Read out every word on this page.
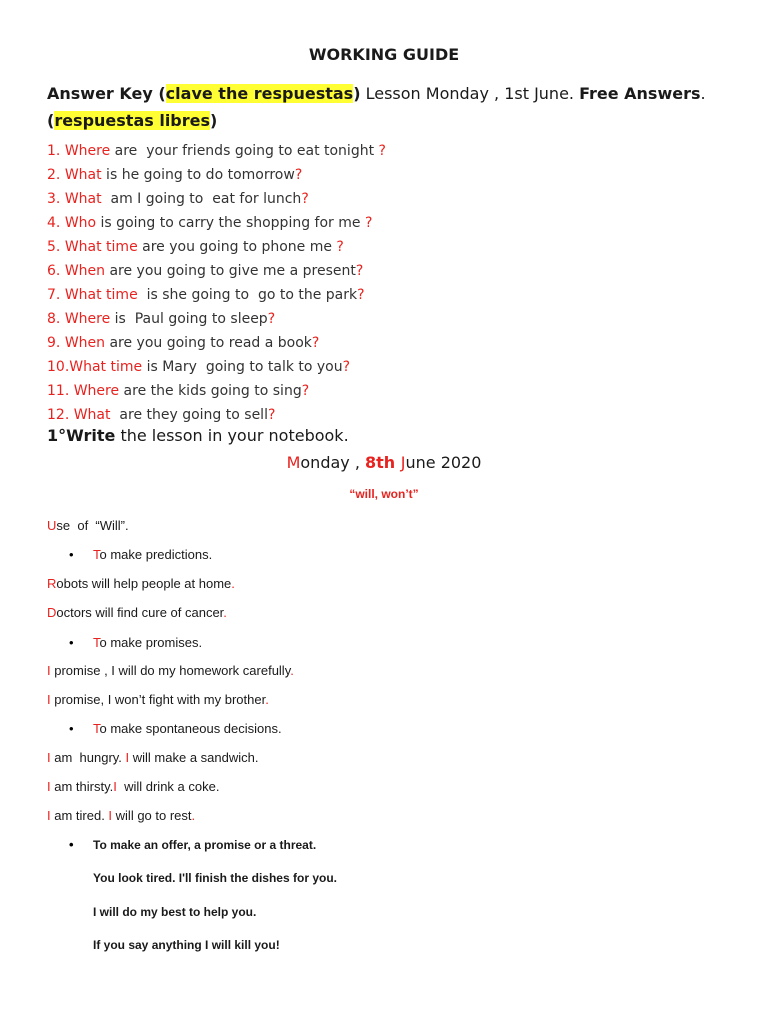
WORKING GUIDE
Answer Key (clave the respuestas) Lesson Monday , 1st June. Free Answers.
(respuestas libres)
1. Where are  your friends going to eat tonight ?
2. What is he going to do tomorrow?
3. What  am I going to  eat for lunch?
4. Who is going to carry the shopping for me ?
5. What time are you going to phone me ?
6. When are you going to give me a present?
7. What time  is she going to  go to the park?
8. Where is  Paul going to sleep?
9. When are you going to read a book?
10.What time is Mary  going to talk to you?
11. Where are the kids going to sing?
12. What  are they going to sell?
1°Write the lesson in your notebook.
Monday , 8th June 2020
“will, won’t”
Use  of  “Will”.
• To make predictions.
Robots will help people at home.
Doctors will find cure of cancer.
• To make promises.
I promise , I will do my homework carefully.
I promise, I won’t fight with my brother.
• To make spontaneous decisions.
I am  hungry. I will make a sandwich.
I am thirsty.I  will drink a coke.
I am tired. I will go to rest.
• To make an offer, a promise or a threat.
You look tired. I'll finish the dishes for you.
I will do my best to help you.
If you say anything I will kill you!
